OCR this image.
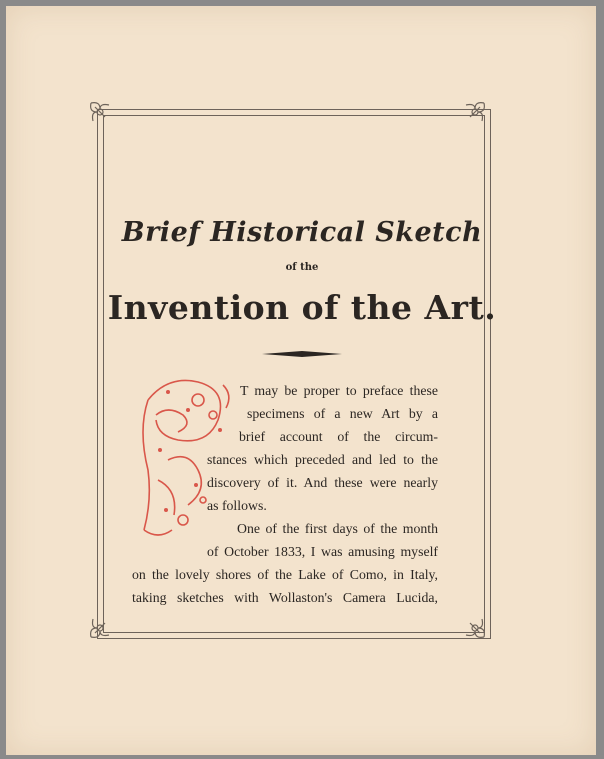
Brief Historical Sketch
of the
Invention of the Art.
T may be proper to preface these
specimens of a new Art by a
brief account of the circum-
stances which preceded and led to the
discovery of it. And these were nearly
as follows.
One of the first days of the month
of October 1833, I was amusing myself
on the lovely shores of the Lake of Como, in Italy,
taking sketches with Wollaston's Camera Lucida,
